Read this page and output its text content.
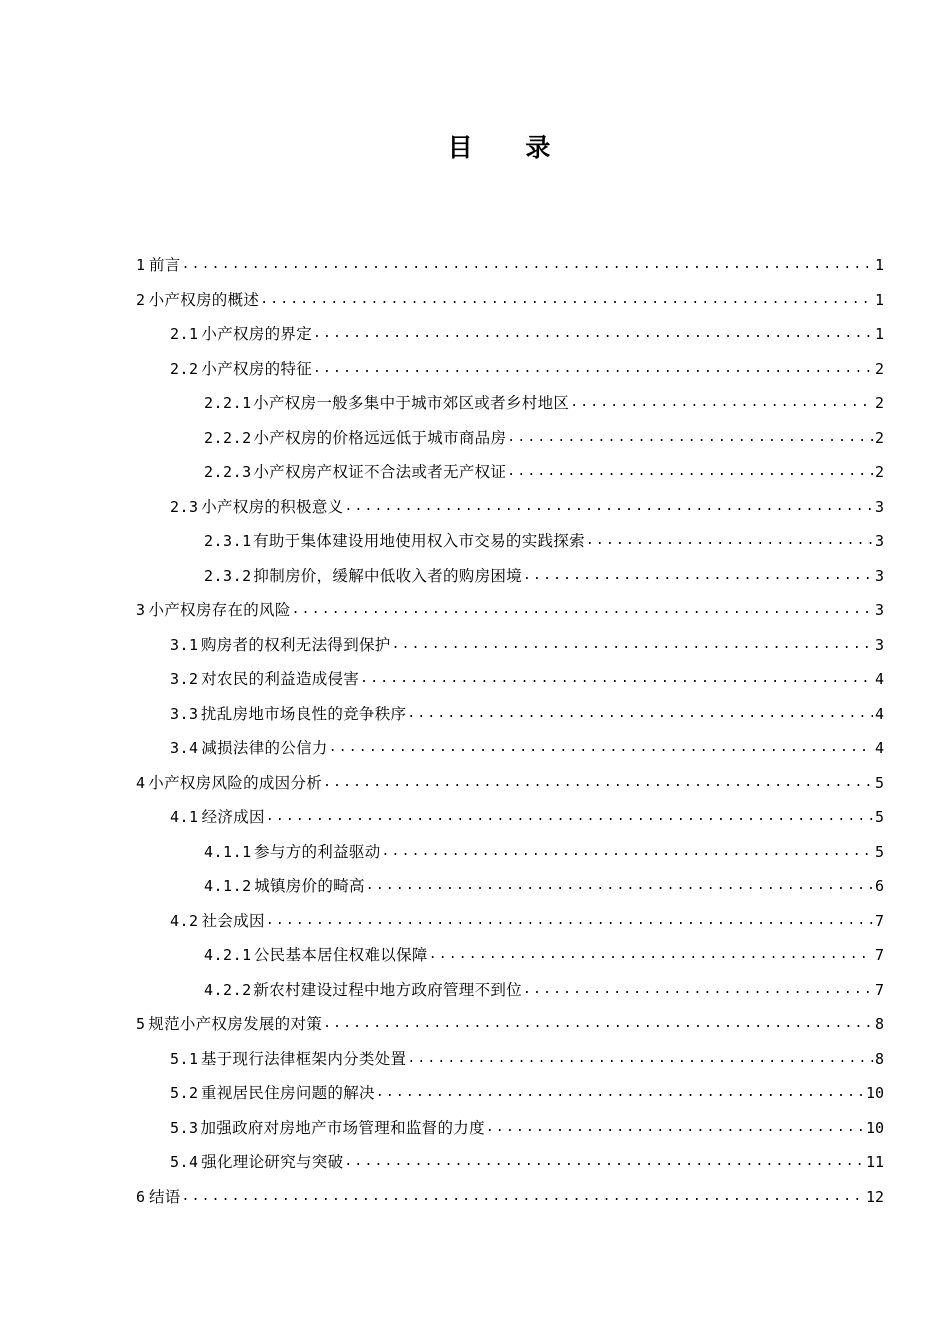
目 录
1 前言 .....	1
2 小产权房的概述 .....	1
2.1 小产权房的界定 .....	1
2.2 小产权房的特征 .....	2
2.2.1 小产权房一般多集中于城市郊区或者乡村地区 .....	2
2.2.2 小产权房的价格远远低于城市商品房 .....	2
2.2.3 小产权房产权证不合法或者无产权证 .....	2
2.3 小产权房的积极意义 .....	3
2.3.1 有助于集体建设用地使用权入市交易的实践探索 .....	3
2.3.2 抑制房价，缓解中低收入者的购房困境 .....	3
3 小产权房存在的风险 .....	3
3.1 购房者的权利无法得到保护 .....	3
3.2 对农民的利益造成侵害 .....	4
3.3 扰乱房地市场良性的竞争秩序 .....	4
3.4 减损法律的公信力 .....	4
4 小产权房风险的成因分析 .....	5
4.1 经济成因 .....	5
4.1.1 参与方的利益驱动 .....	5
4.1.2 城镇房价的畸高 .....	6
4.2 社会成因 .....	7
4.2.1 公民基本居住权难以保障 .....	7
4.2.2 新农村建设过程中地方政府管理不到位 .....	7
5 规范小产权房发展的对策 .....	8
5.1 基于现行法律框架内分类处置 .....	8
5.2 重视居民住房问题的解决 .....	10
5.3 加强政府对房地产市场管理和监督的力度 .....	10
5.4 强化理论研究与突破 .....	11
6 结语 .....	12
